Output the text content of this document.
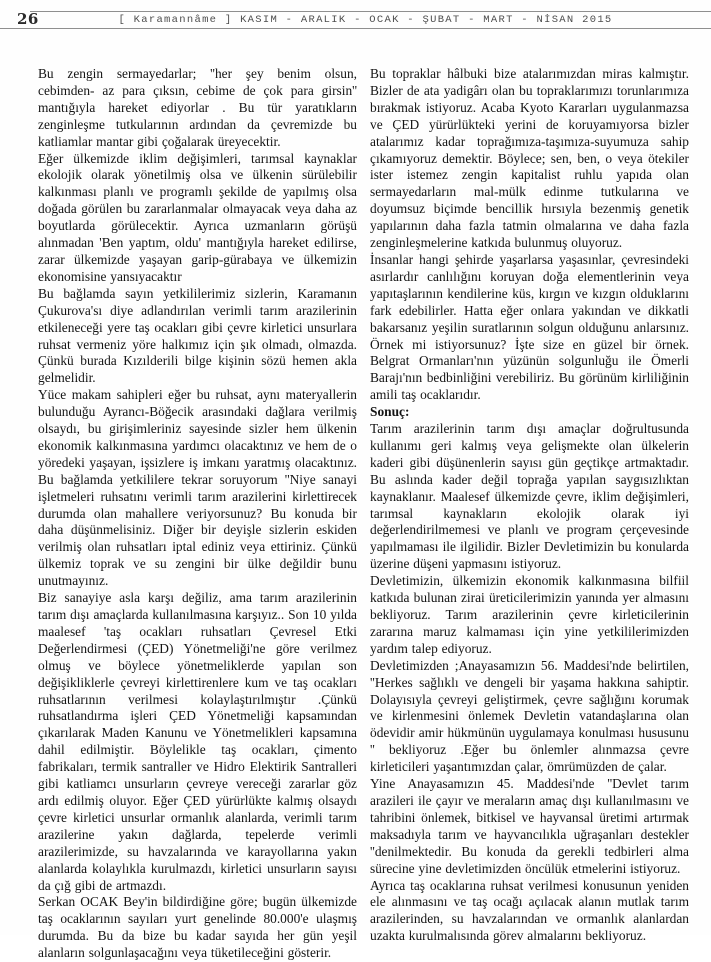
26	[ Karamannâme ] KASIM - ARALIK - OCAK - ŞUBAT - MART - NİSAN 2015

Bu zengin sermayedarlar; ''her şey benim olsun, cebimden- az para çıksın, cebime de çok para girsin'' mantığıyla hareket ediyorlar . Bu tür yaratıkların zenginleşme tutkularının ardından da çevremizde bu katliamlar mantar gibi çoğalarak üreyecektir.

Eğer ülkemizde iklim değişimleri, tarımsal kaynaklar ekolojik olarak yönetilmiş olsa ve ülkenin sürülebilir kalkınması planlı ve programlı şekilde de yapılmış olsa doğada görülen bu zararlanmalar olmayacak veya daha az boyutlarda görülecektir. Ayrıca uzmanların görüşü alınmadan 'Ben yaptım, oldu' mantığıyla hareket edilirse, zarar ülkemizde yaşayan garip-gürabaya ve ülkemizin ekonomisine yansıyacaktır

Bu bağlamda sayın yetkililerimiz sizlerin, Karamanın Çukurova'sı diye adlandırılan verimli tarım arazilerinin etkileneceği yere taş ocakları gibi çevre kirletici unsurlara ruhsat vermeniz yöre halkımız için şık olmadı, olmazda. Çünkü burada Kızılderili bilge kişinin sözü hemen akla gelmelidir.

Yüce makam sahipleri eğer bu ruhsat, aynı materyallerin bulunduğu Ayrancı-Böğecik arasındaki dağlara verilmiş olsaydı, bu girişimleriniz sayesinde sizler hem ülkenin ekonomik kalkınmasına yardımcı olacaktınız ve hem de o yöredeki yaşayan, işsizlere iş imkanı yaratmış olacaktınız. Bu bağlamda yetkililere tekrar soruyorum ''Niye sanayi işletmeleri ruhsatını verimli tarım arazilerini kirlettirecek durumda olan mahallere veriyorsunuz? Bu konuda bir daha düşünmelisiniz. Diğer bir deyişle sizlerin eskiden verilmiş olan ruhsatları iptal ediniz veya ettiriniz. Çünkü ülkemiz toprak ve su zengini bir ülke değildir bunu unutmayınız.

Biz sanayiye asla karşı değiliz, ama tarım arazilerinin tarım dışı amaçlarda kullanılmasına karşıyız.. Son 10 yılda maalesef 'taş ocakları ruhsatları Çevresel Etki Değerlendirmesi (ÇED) Yönetmeliği'ne göre verilmez olmuş ve böylece yönetmeliklerde yapılan son değişikliklerle çevreyi kirlettirenlere kum ve taş ocakları ruhsatlarının verilmesi kolaylaştırılmıştır .Çünkü ruhsatlandırma işleri ÇED Yönetmeliği kapsamından çıkarılarak Maden Kanunu ve Yönetmelikleri kapsamına dahil edilmiştir. Böylelikle taş ocakları, çimento fabrikaları, termik santraller ve Hidro Elektirik Santralleri gibi katliamcı unsurların çevreye vereceği zararlar göz ardı edilmiş oluyor. Eğer ÇED yürürlükte kalmış olsaydı çevre kirletici unsurlar ormanlık alanlarda, verimli tarım arazilerine yakın dağlarda, tepelerde verimli arazilerimizde, su havzalarında ve karayollarına yakın alanlarda kolaylıkla kurulmazdı, kirletici unsurların sayısı da çığ gibi de artmazdı.

Serkan OCAK Bey'in bildirdiğine göre; bugün ülkemizde taş ocaklarının sayıları yurt genelinde 80.000'e ulaşmış durumda. Bu da bize bu kadar sayıda her gün yeşil alanların solgunlaşacağını veya tüketileceğini gösterir.

Bu topraklar hâlbuki bize atalarımızdan miras kalmıştır. Bizler de ata yadigârı olan bu topraklarımızı torunlarımıza bırakmak istiyoruz. Acaba Kyoto Kararları uygulanmazsa ve ÇED yürürlükteki yerini de koruyamıyorsa bizler atalarımız kadar toprağımıza-taşımıza-suyumuza sahip çıkamıyoruz demektir. Böylece; sen, ben, o veya ötekiler ister istemez zengin kapitalist ruhlu yapıda olan sermayedarların mal-mülk edinme tutkularına ve doyumsuz biçimde bencillik hırsıyla bezenmiş genetik yapılarının daha fazla tatmin olmalarına ve daha fazla zenginleşmelerine katkıda bulunmuş oluyoruz.

İnsanlar hangi şehirde yaşarlarsa yaşasınlar, çevresindeki asırlardır canlılığını koruyan doğa elementlerinin veya yapıtaşlarının kendilerine küs, kırgın ve kızgın olduklarını fark edebilirler. Hatta eğer onlara yakından ve dikkatli bakarsanız yeşilin suratlarının solgun olduğunu anlarsınız. Örnek mi istiyorsunuz? İşte size en güzel bir örnek. Belgrat Ormanları'nın yüzünün solgunluğu ile Ömerli Barajı'nın bedbinliğini verebiliriz. Bu görünüm kirliliğinin amili taş ocaklarıdır.

Sonuç:

Tarım arazilerinin tarım dışı amaçlar doğrultusunda kullanımı geri kalmış veya gelişmekte olan ülkelerin kaderi gibi düşünenlerin sayısı gün geçtikçe artmaktadır. Bu aslında kader değil toprağa yapılan saygısızlıktan kaynaklanır. Maalesef ülkemizde çevre, iklim değişimleri, tarımsal kaynakların ekolojik olarak iyi değerlendirilmemesi ve planlı ve program çerçevesinde yapılmaması ile ilgilidir. Bizler Devletimizin bu konularda üzerine düşeni yapmasını istiyoruz.

Devletimizin, ülkemizin ekonomik kalkınmasına bilfiil katkıda bulunan zirai üreticilerimizin yanında yer almasını bekliyoruz. Tarım arazilerinin çevre kirleticilerinin zararına maruz kalmaması için yine yetkililerimizden yardım talep ediyoruz.

Devletimizden ;Anayasamızın 56. Maddesi'nde belirtilen, ''Herkes sağlıklı ve dengeli bir yaşama hakkına sahiptir. Dolayısıyla çevreyi geliştirmek, çevre sağlığını korumak ve kirlenmesini önlemek Devletin vatandaşlarına olan ödevidir amir hükmünün uygulamaya konulması hususunu '' bekliyoruz .Eğer bu önlemler alınmazsa çevre kirleticileri yaşantımızdan çalar, ömrümüzden de çalar.

Yine Anayasamızın 45. Maddesi'nde ''Devlet tarım arazileri ile çayır ve meraların amaç dışı kullanılmasını ve tahribini önlemek, bitkisel ve hayvansal üretimi artırmak maksadıyla tarım ve hayvancılıkla uğraşanları destekler ''denilmektedir. Bu konuda da gerekli tedbirleri alma sürecine yine devletimizden öncülük etmelerini istiyoruz.

Ayrıca taş ocaklarına ruhsat verilmesi konusunun yeniden ele alınmasını ve taş ocağı açılacak alanın mutlak tarım arazilerinden, su havzalarından ve ormanlık alanlardan uzakta kurulmalısında görev almalarını bekliyoruz.
